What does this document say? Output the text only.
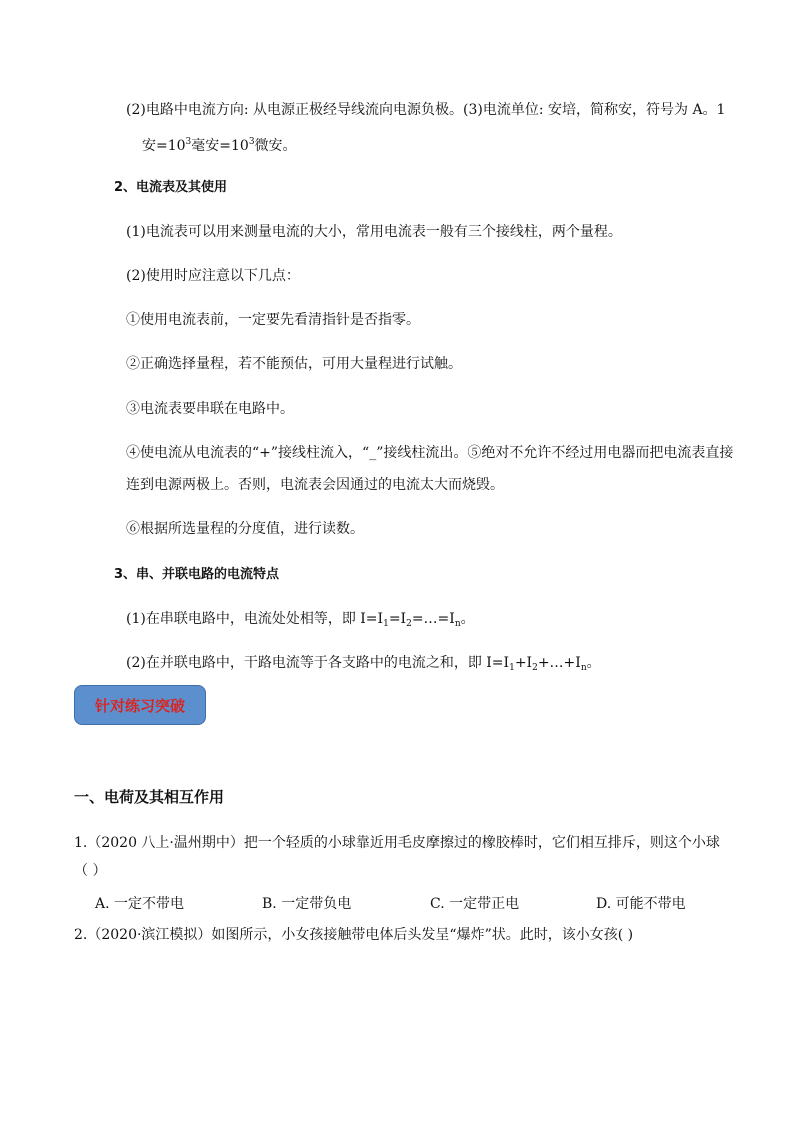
(2)电路中电流方向: 从电源正极经导线流向电源负极。(3)电流单位: 安培，简称安，符号为 A。1
安$=10^3$毫安$=10^3$微安。
2、电流表及其使用
(1)电流表可以用来测量电流的大小，常用电流表一般有三个接线柱，两个量程。
(2)使用时应注意以下几点：
①使用电流表前，一定要先看清指针是否指零。
②正确选择量程，若不能预估，可用大量程进行试触。
③电流表要串联在电路中。
④使电流从电流表的“+”接线柱流入，“_”接线柱流出。⑤绝对不允许不经过用电器而把电流表直接
连到电源两极上。否则，电流表会因通过的电流太大而烧毁。
⑥根据所选量程的分度值，进行读数。
3、串、并联电路的电流特点
(1)在串联电路中，电流处处相等，即 $I=I_1=I_2=\dots=I_n$。
(2)在并联电路中，干路电流等于各支路中的电流之和，即 $I=I_1+I_2+\dots+I_n$。
针对练习突破
一、电荷及其相互作用
1.（2020 八上·温州期中）把一个轻质的小球靠近用毛皮摩擦过的橡胶棒时，它们相互排斥，则这个小球
（ ）
A. 一定不带电	B. 一定带负电	C. 一定带正电	D. 可能不带电
2.（2020·滨江模拟）如图所示，小女孩接触带电体后头发呈“爆炸”状。此时，该小女孩( )
